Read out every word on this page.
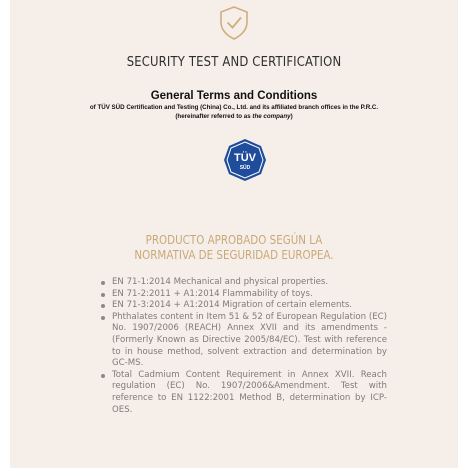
SECURITY TEST AND CERTIFICATION
General Terms and Conditions
of TÜV SÜD Certification and Testing (China) Co., Ltd. and its affiliated branch offices in the P.R.C.
(hereinafter referred to as the company)
TÜV
SÜD
PRODUCTO APROBADO SEGÚN LA
NORMATIVA DE SEGURIDAD EUROPEA.
EN 71-1:2014 Mechanical and physical properties.
EN 71-2:2011 + A1:2014 Flammability of toys.
EN 71-3:2014 + A1:2014 Migration of certain elements.
Phthalates content in Item 51 & 52 of European Regulation (EC) No. 1907/2006 (REACH) Annex XVII and its amendments - (Formerly Known as Directive 2005/84/EC). Test with reference to in house method, solvent extraction and determination by GC-MS.
Total Cadmium Content Requirement in Annex XVII. Reach regulation (EC) No. 1907/2006&Amendment. Test with reference to EN 1122:2001 Method B, determination by ICP-OES.
